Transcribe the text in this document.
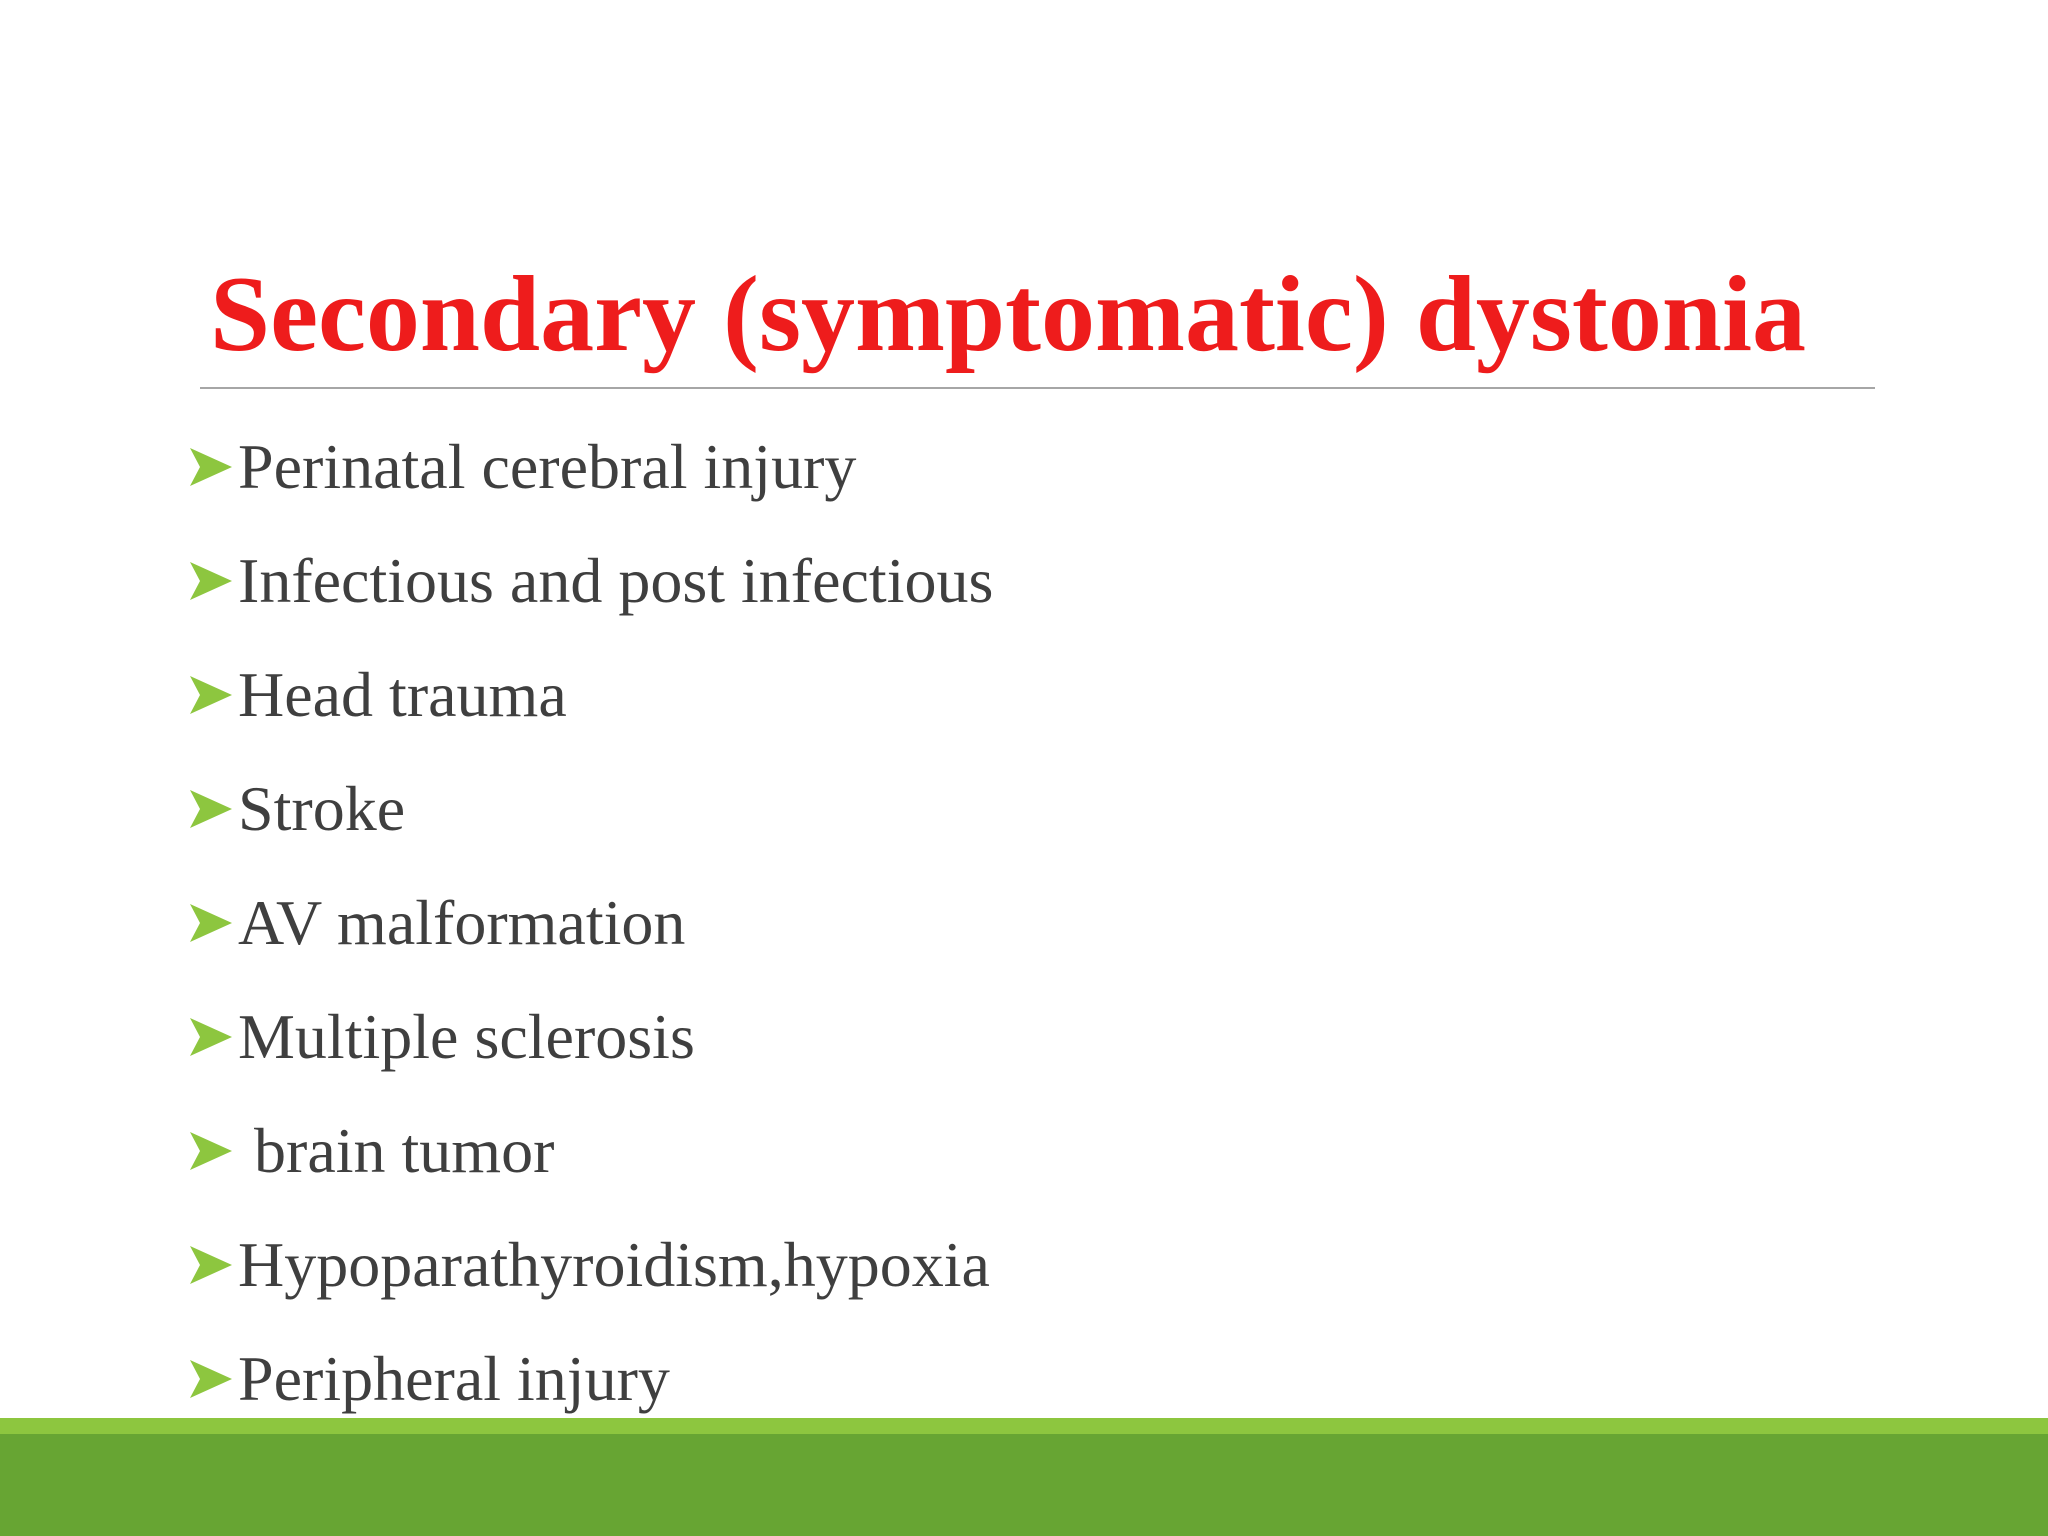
Secondary (symptomatic) dystonia
Perinatal cerebral injury
Infectious and post infectious
Head trauma
Stroke
AV malformation
Multiple sclerosis
brain tumor
Hypoparathyroidism,hypoxia
Peripheral injury
